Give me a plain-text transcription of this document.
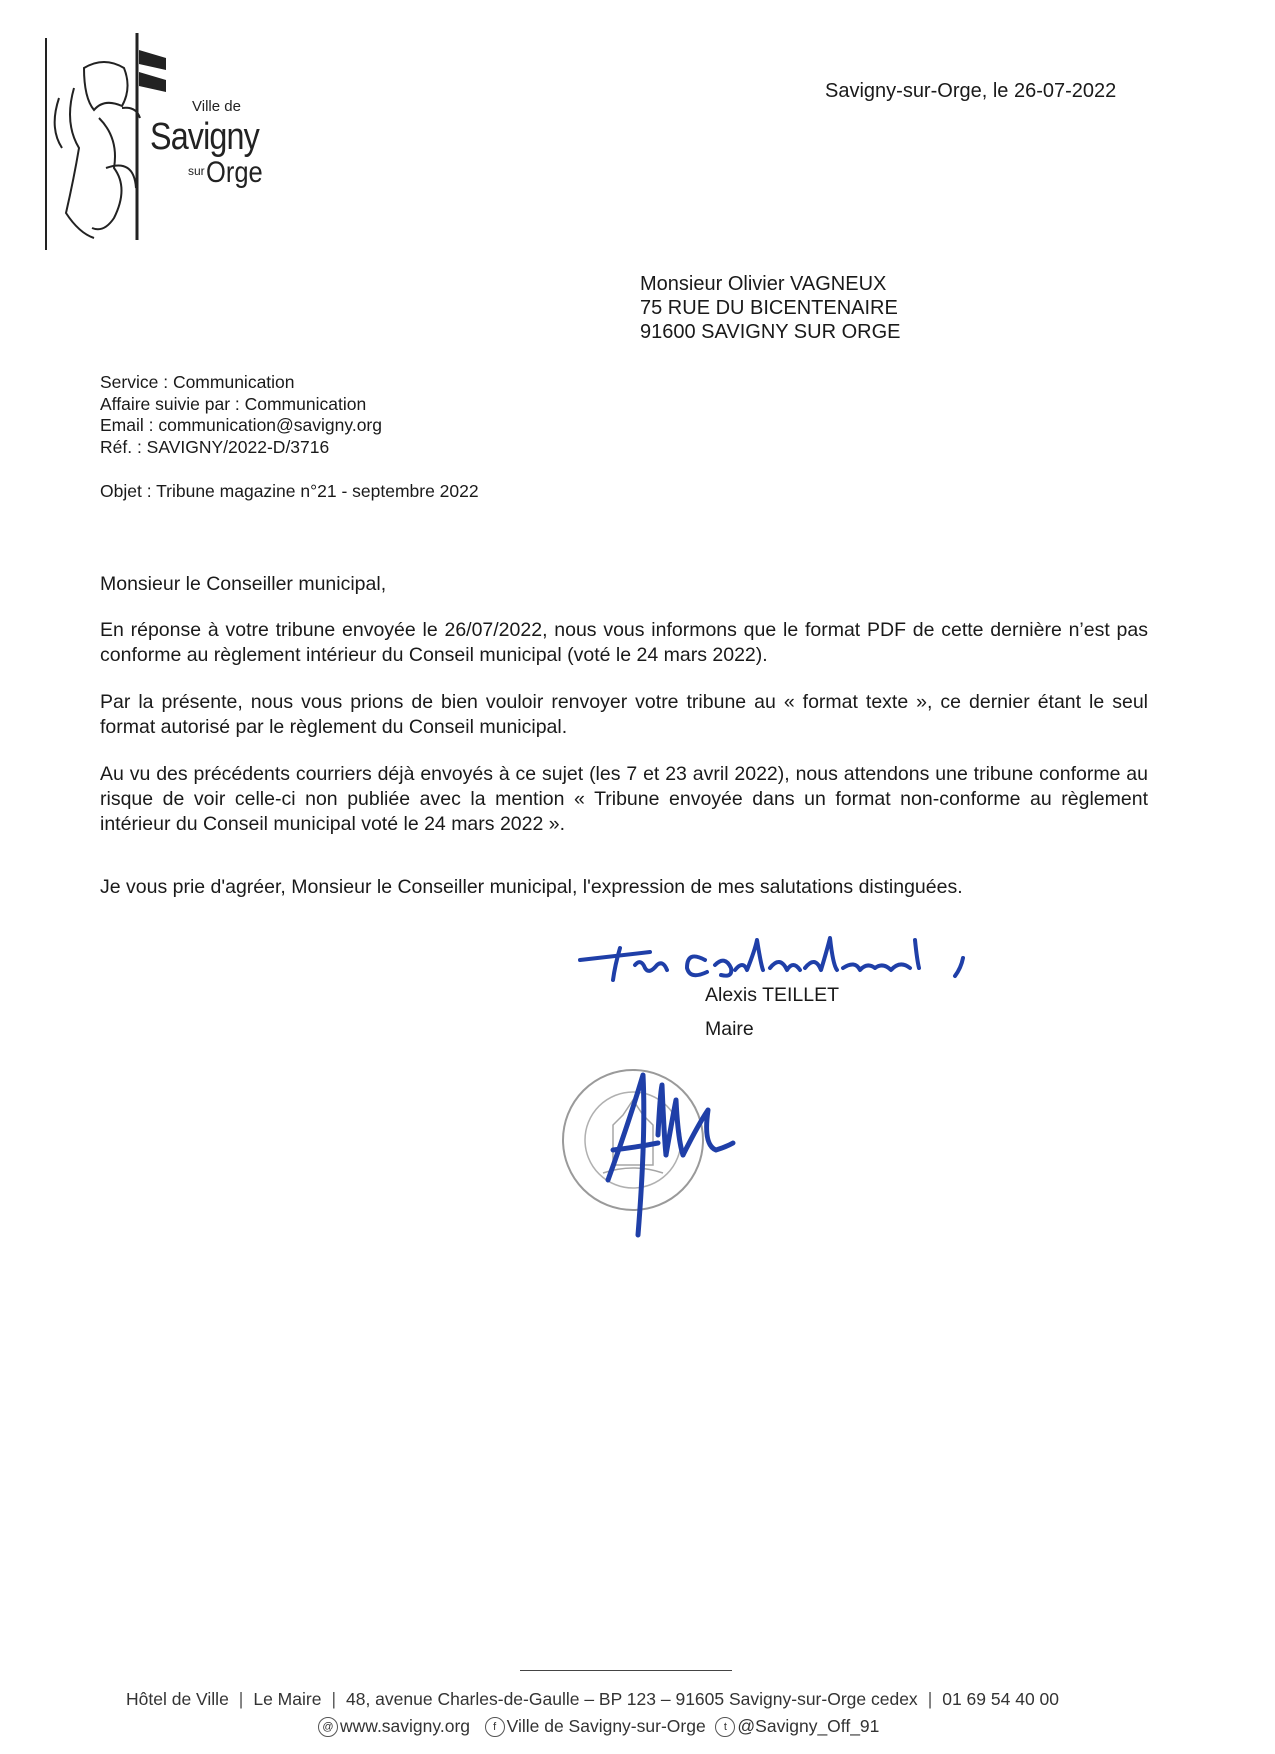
Ville de
Savigny
sur Orge
Savigny-sur-Orge, le 26-07-2022
Monsieur Olivier VAGNEUX
75 RUE DU BICENTENAIRE
91600 SAVIGNY SUR ORGE
Service : Communication
Affaire suivie par : Communication
Email : communication@savigny.org
Réf. : SAVIGNY/2022-D/3716
Objet : Tribune magazine n°21 - septembre 2022

Monsieur le Conseiller municipal,

En réponse à votre tribune envoyée le 26/07/2022, nous vous informons que le format PDF de cette dernière n’est pas conforme au règlement intérieur du Conseil municipal (voté le 24 mars 2022).

Par la présente, nous vous prions de bien vouloir renvoyer votre tribune au « format texte », ce dernier étant le seul format autorisé par le règlement du Conseil municipal.

Au vu des précédents courriers déjà envoyés à ce sujet (les 7 et 23 avril 2022), nous attendons une tribune conforme au risque de voir celle-ci non publiée avec la mention « Tribune envoyée dans un format non-conforme au règlement intérieur du Conseil municipal voté le 24 mars 2022 ».

Je vous prie d'agréer, Monsieur le Conseiller municipal, l'expression de mes salutations distinguées.

Alexis TEILLET
Maire
Hôtel de Ville | Le Maire | 48, avenue Charles-de-Gaulle – BP 123 – 91605 Savigny-sur-Orge cedex | 01 69 54 40 00
@ www.savigny.org f Ville de Savigny-sur-Orge t @Savigny_Off_91
